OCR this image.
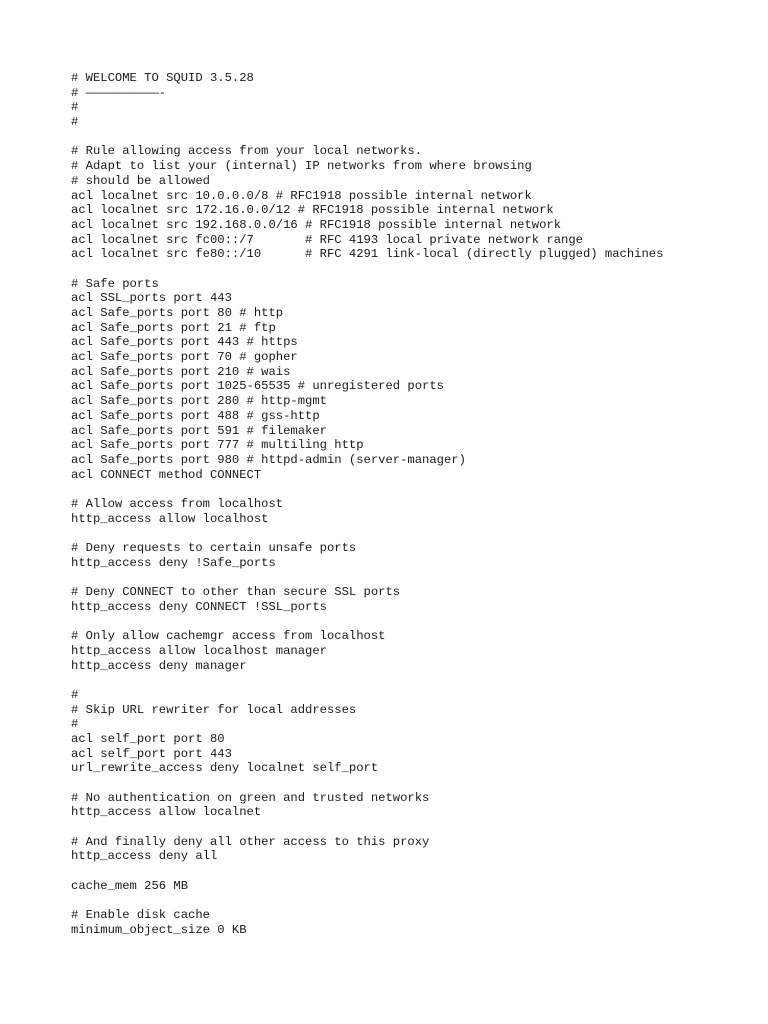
# WELCOME TO SQUID 3.5.28
# ——————————-
#
#
# Rule allowing access from your local networks.
# Adapt to list your (internal) IP networks from where browsing
# should be allowed
acl localnet src 10.0.0.0/8 # RFC1918 possible internal network
acl localnet src 172.16.0.0/12 # RFC1918 possible internal network
acl localnet src 192.168.0.0/16 # RFC1918 possible internal network
acl localnet src fc00::/7       # RFC 4193 local private network range
acl localnet src fe80::/10      # RFC 4291 link-local (directly plugged) machines
# Safe ports
acl SSL_ports port 443
acl Safe_ports port 80 # http
acl Safe_ports port 21 # ftp
acl Safe_ports port 443 # https
acl Safe_ports port 70 # gopher
acl Safe_ports port 210 # wais
acl Safe_ports port 1025-65535 # unregistered ports
acl Safe_ports port 280 # http-mgmt
acl Safe_ports port 488 # gss-http
acl Safe_ports port 591 # filemaker
acl Safe_ports port 777 # multiling http
acl Safe_ports port 980 # httpd-admin (server-manager)
acl CONNECT method CONNECT
# Allow access from localhost
http_access allow localhost
# Deny requests to certain unsafe ports
http_access deny !Safe_ports
# Deny CONNECT to other than secure SSL ports
http_access deny CONNECT !SSL_ports
# Only allow cachemgr access from localhost
http_access allow localhost manager
http_access deny manager
#
# Skip URL rewriter for local addresses
#
acl self_port port 80
acl self_port port 443
url_rewrite_access deny localnet self_port
# No authentication on green and trusted networks
http_access allow localnet
# And finally deny all other access to this proxy
http_access deny all
cache_mem 256 MB
# Enable disk cache
minimum_object_size 0 KB
